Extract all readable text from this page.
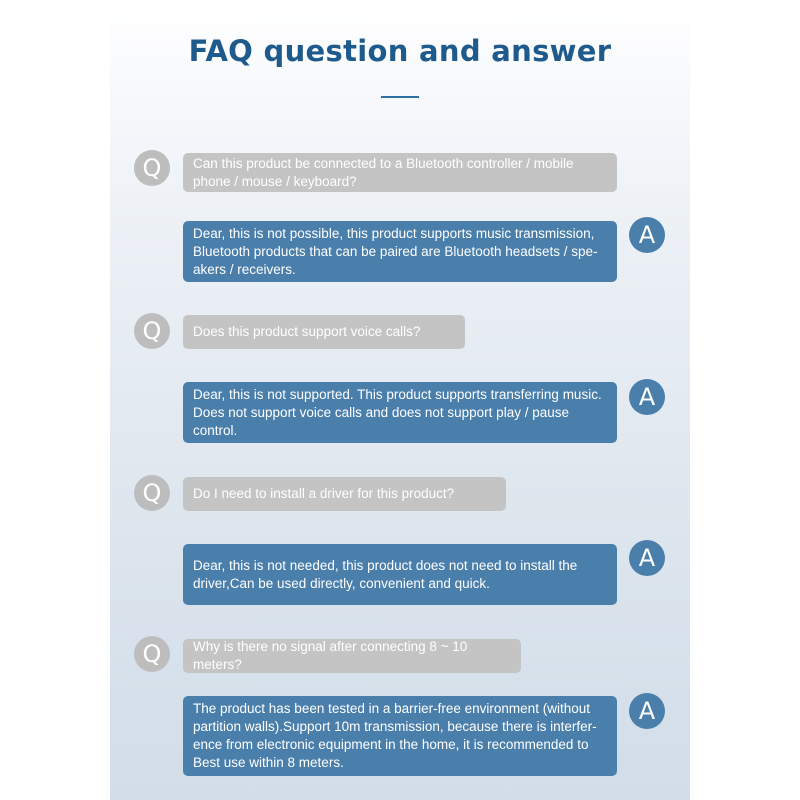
FAQ question and answer
Q	Can this product be connected to a Bluetooth controller / mobile phone / mouse / keyboard?
A
Dear, this is not possible, this product supports music transmission, Bluetooth products that can be paired are Bluetooth headsets / spe-akers / receivers.
Q	Does this product support voice calls?
A
Dear, this is not supported. This product supports transferring music. Does not support voice calls and does not support play / pause control.
Q	Do I need to install a driver for this product?
A
Dear, this is not needed, this product does not need to install the driver,Can be used directly, convenient and quick.
Q	Why is there no signal after connecting 8 ~ 10 meters?
A
The product has been tested in a barrier-free environment (without partition walls).Support 10m transmission, because there is interfer-ence from electronic equipment in the home, it is recommended to Best use within 8 meters.
